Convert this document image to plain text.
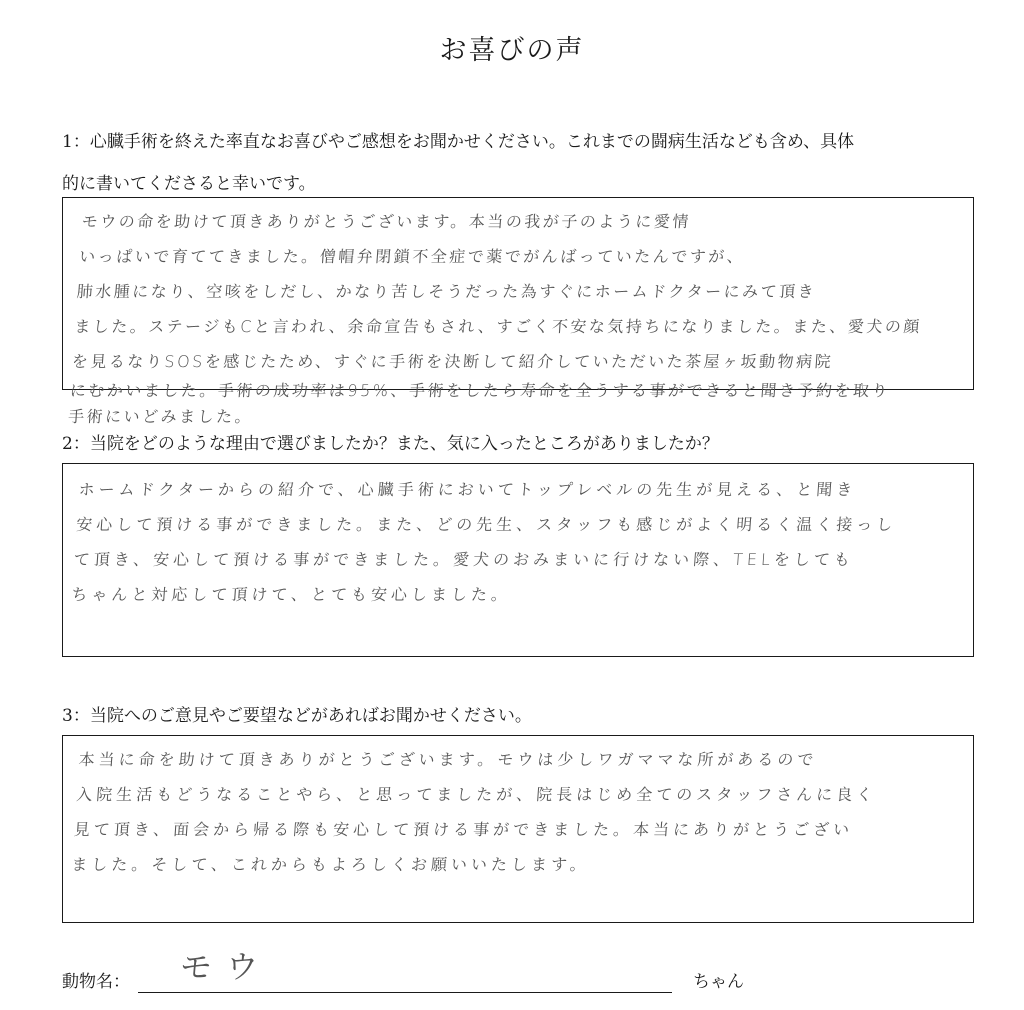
お喜びの声
1：心臓手術を終えた率直なお喜びやご感想をお聞かせください。これまでの闘病生活なども含め、具体
的に書いてくださると幸いです。

モウの命を助けて頂きありがとうございます。本当の我が子のように愛情

いっぱいで育ててきました。僧帽弁閉鎖不全症で薬でがんばっていたんですが、

肺水腫になり、空咳をしだし、かなり苦しそうだった為すぐにホームドクターにみて頂き

ました。ステージもCと言われ、余命宣告もされ、すごく不安な気持ちになりました。また、愛犬の顔

を見るなりSOSを感じたため、すぐに手術を決断して紹介していただいた茶屋ヶ坂動物病院

にむかいました。手術の成功率は95%、手術をしたら寿命を全うする事ができると聞き予約を取り

手術にいどみました。

2：当院をどのような理由で選びましたか？また、気に入ったところがありましたか？

ホームドクターからの紹介で、心臓手術においてトップレベルの先生が見える、と聞き

安心して預ける事ができました。また、どの先生、スタッフも感じがよく明るく温く接っし

て頂き、安心して預ける事ができました。愛犬のおみまいに行けない際、TELをしても

ちゃんと対応して頂けて、とても安心しました。

3：当院へのご意見やご要望などがあればお聞かせください。

本当に命を助けて頂きありがとうございます。モウは少しワガママな所があるので

入院生活もどうなることやら、と思ってましたが、院長はじめ全てのスタッフさんに良く

見て頂き、面会から帰る際も安心して預ける事ができました。本当にありがとうござい

ました。そして、これからもよろしくお願いいたします。

動物名： モウ	ちゃん
